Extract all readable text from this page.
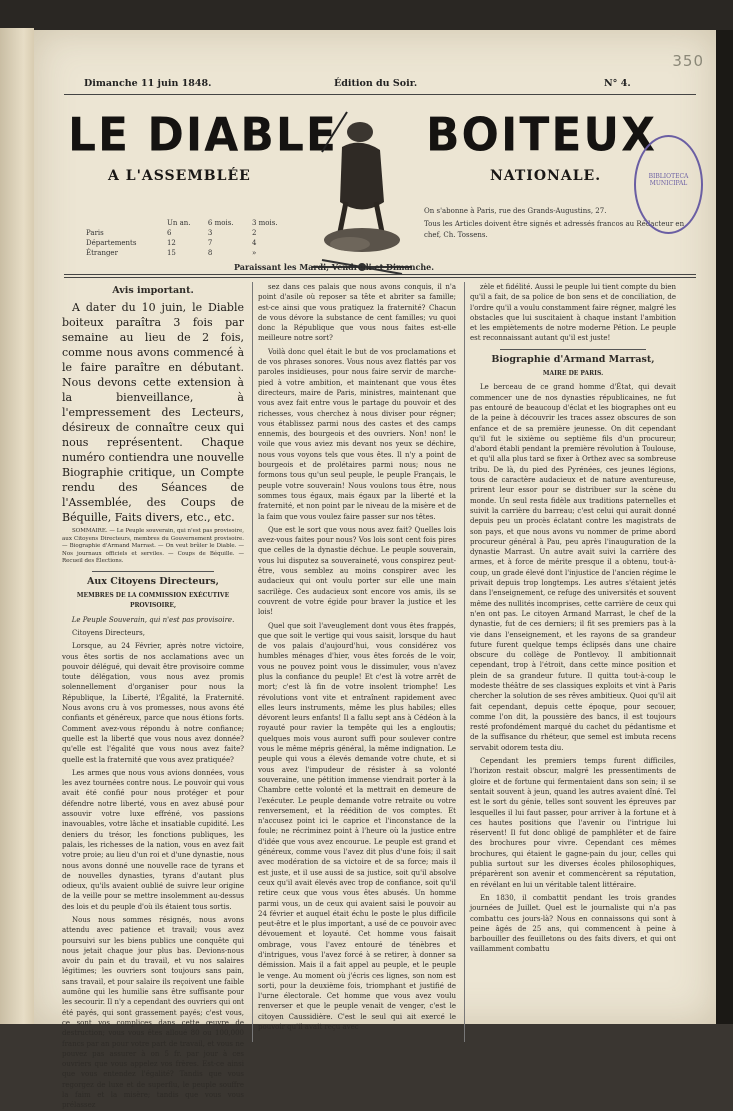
350
Dimanche 11 juin 1848.	Édition du Soir.	N° 4.
LE DIABLE BOITEUX
A L'ASSEMBLÉE	NATIONALE.
	Un an.	6 mois.	3 mois.
Paris	6	3	2
Départements	12	7	4
Étranger	15	8	»

On s'abonne à Paris, rue des Grands-Augustins, 27.

Tous les Articles doivent être signés et adressés francos au Rédacteur en chef, Ch. Tossens.

BIBLIOTECA MUNICIPAL
Paraissant les Mardi, Vendredi et Dimanche.
Avis important.

A dater du 10 juin, le Diable boiteux paraîtra 3 fois par semaine au lieu de 2 fois, comme nous avons commencé à le faire paraître en débutant. Nous devons cette extension à la bienveillance, à l'empressement des Lecteurs, désireux de connaître ceux qui nous représentent. Chaque numéro contiendra une nouvelle Biographie critique, un Compte rendu des Séances de l'Assemblée, des Coups de Béquille, Faits divers, etc., etc.

SOMMAIRE. — Le Peuple souverain, qui n'est pas provisoire, aux Citoyens Directeurs, membres du Gouvernement provisoire. — Biographie d'Armand Marrast. — On veut brûler le Diable. — Nos journaux officiels et serviles. — Coups de Béquille. — Recueil des Élections.

Aux Citoyens Directeurs,

MEMBRES DE LA COMMISSION EXÉCUTIVE PROVISOIRE,

Le Peuple Souverain, qui n'est pas provisoire.

Citoyens Directeurs,

Lorsque, au 24 Février, après notre victoire, vous êtes sortis de nos acclamations avec un pouvoir délégué, qui devait être provisoire comme toute délégation, vous nous avez promis solennellement d'organiser pour nous la République, la Liberté, l'Égalité, la Fraternité. Nous avons cru à vos promesses, nous avons été confiants et généreux, parce que nous étions forts. Comment avez-vous répondu à notre confiance; quelle est la liberté que vous nous avez donnée? qu'elle est l'égalité que vous nous avez faite? quelle est la fraternité que vous avez pratiquée?

Les armes que nous vous avions données, vous les avez tournées contre nous. Le pouvoir qui vous avait été confié pour nous protéger et pour défendre notre liberté, vous en avez abusé pour assouvir votre luxe effréné, vos passions inavouables, votre lâche et insatiable cupidité. Les deniers du trésor, les fonctions publiques, les palais, les richesses de la nation, vous en avez fait votre proie; au lieu d'un roi et d'une dynastie, nous nous avons donné une nouvelle race de tyrans et de nouvelles dynasties, tyrans d'autant plus odieux, qu'ils avaient oublié de suivre leur origine de la veille pour se mettre insolemment au-dessus des lois et du peuple d'où ils étaient tous sortis.

Nous nous sommes résignés, nous avons attendu avec patience et travail; vous avez poursuivi sur les biens publics une conquête qui nous jetait chaque jour plus bas. Devions-nous avoir du pain et du travail, et vu nos salaires légitimes; les ouvriers sont toujours sans pain, sans travail, et pour salaire ils reçoivent une faible aumône qui les humilie sans être suffisante pour les secourir. Il n'y a cependant des ouvriers qui ont été payés, qui sont grassement payés; c'est vous, ce sont vos complices dans cette œuvre de destruction; vous vous êtes alloué 80 ou 100,000 francs par an pour votre part de travail, et vous ne pouvez pas assurer à on 5 fr. par jour à ces ouvriers que vous appelez vos frères. Est-ce ainsi que vous entendez l'égalité? Tandis que vous regorgez de luxe et de superflu, le peuple souffre la faim et la misère; tandis que vous vous prélassez

sez dans ces palais que nous avons conquis, il n'a point d'asile où reposer sa tête et abriter sa famille; est-ce ainsi que vous pratiquez la fraternité? Chacun de vous dévore la substance de cent familles; vu quoi donc la République que vous nous faites est-elle meilleure notre sort?

Voilà donc quel était le but de vos proclamations et de vos phrases sonores. Vous nous avez flattés par vos paroles insidieuses, pour nous faire servir de marche-pied à votre ambition, et maintenant que vous êtes directeurs, maire de Paris, ministres, maintenant que vous avez fait entre vous le partage du pouvoir et des richesses, vous cherchez à nous diviser pour régner; vous établissez parmi nous des castes et des camps ennemis, des bourgeois et des ouvriers. Non! non! le voile que vous aviez mis devant nos yeux se déchire, nous vous voyons tels que vous êtes. Il n'y a point de bourgeois et de prolétaires parmi nous; nous ne formons tous qu'un seul peuple, le peuple Français, le peuple votre souverain! Nous voulons tous être, nous sommes tous égaux, mais égaux par la liberté et la fraternité, et non point par le niveau de la misère et de la faim que vous voulez faire passer sur nos têtes.

Que est le sort que vous nous avez fait? Quelles lois avez-vous faites pour nous? Vos lois sont cent fois pires que celles de la dynastie déchue. Le peuple souverain, vous lui disputez sa souveraineté, vous conspirez peut-être, vous semblez au moins conspirer avec les audacieux qui ont voulu porter sur elle une main sacrilège. Ces audacieux sont encore vos amis, ils se couvrent de votre égide pour braver la justice et les lois!

Quel que soit l'aveuglement dont vous êtes frappés, que que soit le vertige qui vous saisit, lorsque du haut de vos palais d'aujourd'hui, vous considérez vos humbles ménages d'hier, vous êtes forcés de le voir, vous ne pouvez point vous le dissimuler, vous n'avez plus la confiance du peuple! Et c'est là votre arrêt de mort; c'est là fin de votre insolent triomphe! Les révolutions vont vite et entraînent rapidement avec elles leurs instruments, même les plus habiles; elles dévorent leurs enfants! Il a fallu sept ans à Cédéon à la royauté pour ravier la tempête qui les a engloutis; quelques mois vous auront suffi pour soulever contre vous le même mépris général, la même indignation. Le peuple qui vous a élevés demande votre chute, et si vous avez l'impudeur de résister à sa volonté souveraine, une pétition immense viendrait porter à la Chambre cette volonté et la mettrait en demeure de l'exécuter. Le peuple demande votre retraite ou votre renversement, et la réédition de vos comptes. Et n'accusez point ici le caprice et l'inconstance de la foule; ne récriminez point à l'heure où la justice entre d'idée que vous avez encourue. Le peuple est grand et généreux, comme vous l'avez dit plus d'une fois; il sait avec modération de sa victoire et de sa force; mais il est juste, et il use aussi de sa justice, soit qu'il absolve ceux qu'il avait élevés avec trop de confiance, soit qu'il retire ceux que vous vous êtes abusés. Un homme parmi vous, un de ceux qui avaient saisi le pouvoir au 24 février et auquel était échu le poste le plus difficile peut-être et le plus important, a usé de ce pouvoir avec dévouement et loyauté. Cet homme vous faisait ombrage, vous l'avez entouré de ténèbres et d'intrigues, vous l'avez forcé à se retirer, à donner sa démission. Mais il a fait appel au peuple, et le peuple le venge. Au moment où j'écris ces lignes, son nom est sorti, pour la deuxième fois, triomphant et justifié de l'urne électorale. Cet homme que vous avez voulu renverser et que le peuple venait de venger, c'est le citoyen Caussidière. C'est le seul qui ait exercé le pouvoir qu'il avait reçu avec

zèle et fidélité. Aussi le peuple lui tient compte du bien qu'il a fait, de sa police de bon sens et de conciliation, de l'ordre qu'il a voulu constamment faire régner, malgré les obstacles que lui suscitaient à chaque instant l'ambition et les empiètements de notre moderne Pétion. Le peuple est reconnaissant autant qu'il est juste!

Biographie d'Armand Marrast,

MAIRE DE PARIS.

Le berceau de ce grand homme d'État, qui devait commencer une de nos dynasties républicaines, ne fut pas entouré de beaucoup d'éclat et les biographes ont eu de la peine à découvrir les traces assez obscures de son enfance et de sa première jeunesse. On dit cependant qu'il fut le sixième ou septième fils d'un procureur, d'abord établi pendant la première révolution à Toulouse, et qu'il alla plus tard se fixer à Orthez avec sa sombreuse tribu. De là, du pied des Pyrénées, ces jeunes légions, tous de caractère audacieux et de nature aventureuse, prirent leur essor pour se distribuer sur la scène du monde. Un seul resta fidèle aux traditions paternelles et suivit la carrière du barreau; c'est celui qui aurait donné depuis peu un procès éclatant contre les magistrats de son pays, et que nous avons vu nommer de prime abord procureur général à Pau, peu après l'inauguration de la dynastie Marrast. Un autre avait suivi la carrière des armes, et à force de mérite presque il a obtenu, tout-à-coup, un grade élevé dont l'injustice de l'ancien régime le privait depuis trop longtemps. Les autres s'étaient jetés dans l'enseignement, ce refuge des universités et souvent même des nullités incomprises, cette carrière de ceux qui n'en ont pas. Le citoyen Armand Marrast, le chef de la dynastie, fut de ces derniers; il fit ses premiers pas à la vie dans l'enseignement, et les rayons de sa grandeur future furent quelque temps éclipsés dans une chaire obscure du collège de Pontlevoy. Il ambitionnait cependant, trop à l'étroit, dans cette mince position et plein de sa grandeur future. Il quitta tout-à-coup le modeste théâtre de ses classiques exploits et vint à Paris chercher la solution de ses rêves ambitieux. Quoi qu'il ait fait cependant, depuis cette époque, pour secouer, comme l'on dit, la poussière des bancs, il est toujours resté profondément marqué du cachet du pédantisme et de la suffisance du rhéteur, que semel est imbuta recens servabit odorem testa diu.

Cependant les premiers temps furent difficiles, l'horizon restait obscur, malgré les pressentiments de gloire et de fortune qui fermentaient dans son sein; il se sentait souvent à jeun, quand les autres avaient dîné. Tel est le sort du génie, telles sont souvent les épreuves par lesquelles il lui faut passer, pour arriver à la fortune et à ces hautes positions que l'avenir ou l'intrigue lui réservent! Il fut donc obligé de pamphléter et de faire des brochures pour vivre. Cependant ces mêmes brochures, qui étaient le gagne-pain du jour, celles qui publia surtout sur les diverses écoles philosophiques, préparèrent son avenir et commencèrent sa réputation, en révélant en lui un véritable talent littéraire.

En 1830, il combattit pendant les trois grandes journées de Juillet. Quel est le journaliste qui n'a pas combattu ces jours-là? Nous en connaissons qui sont à peine âgés de 25 ans, qui commencent à peine à barbouiller des feuilletons ou des faits divers, et qui ont vaillamment combattu
